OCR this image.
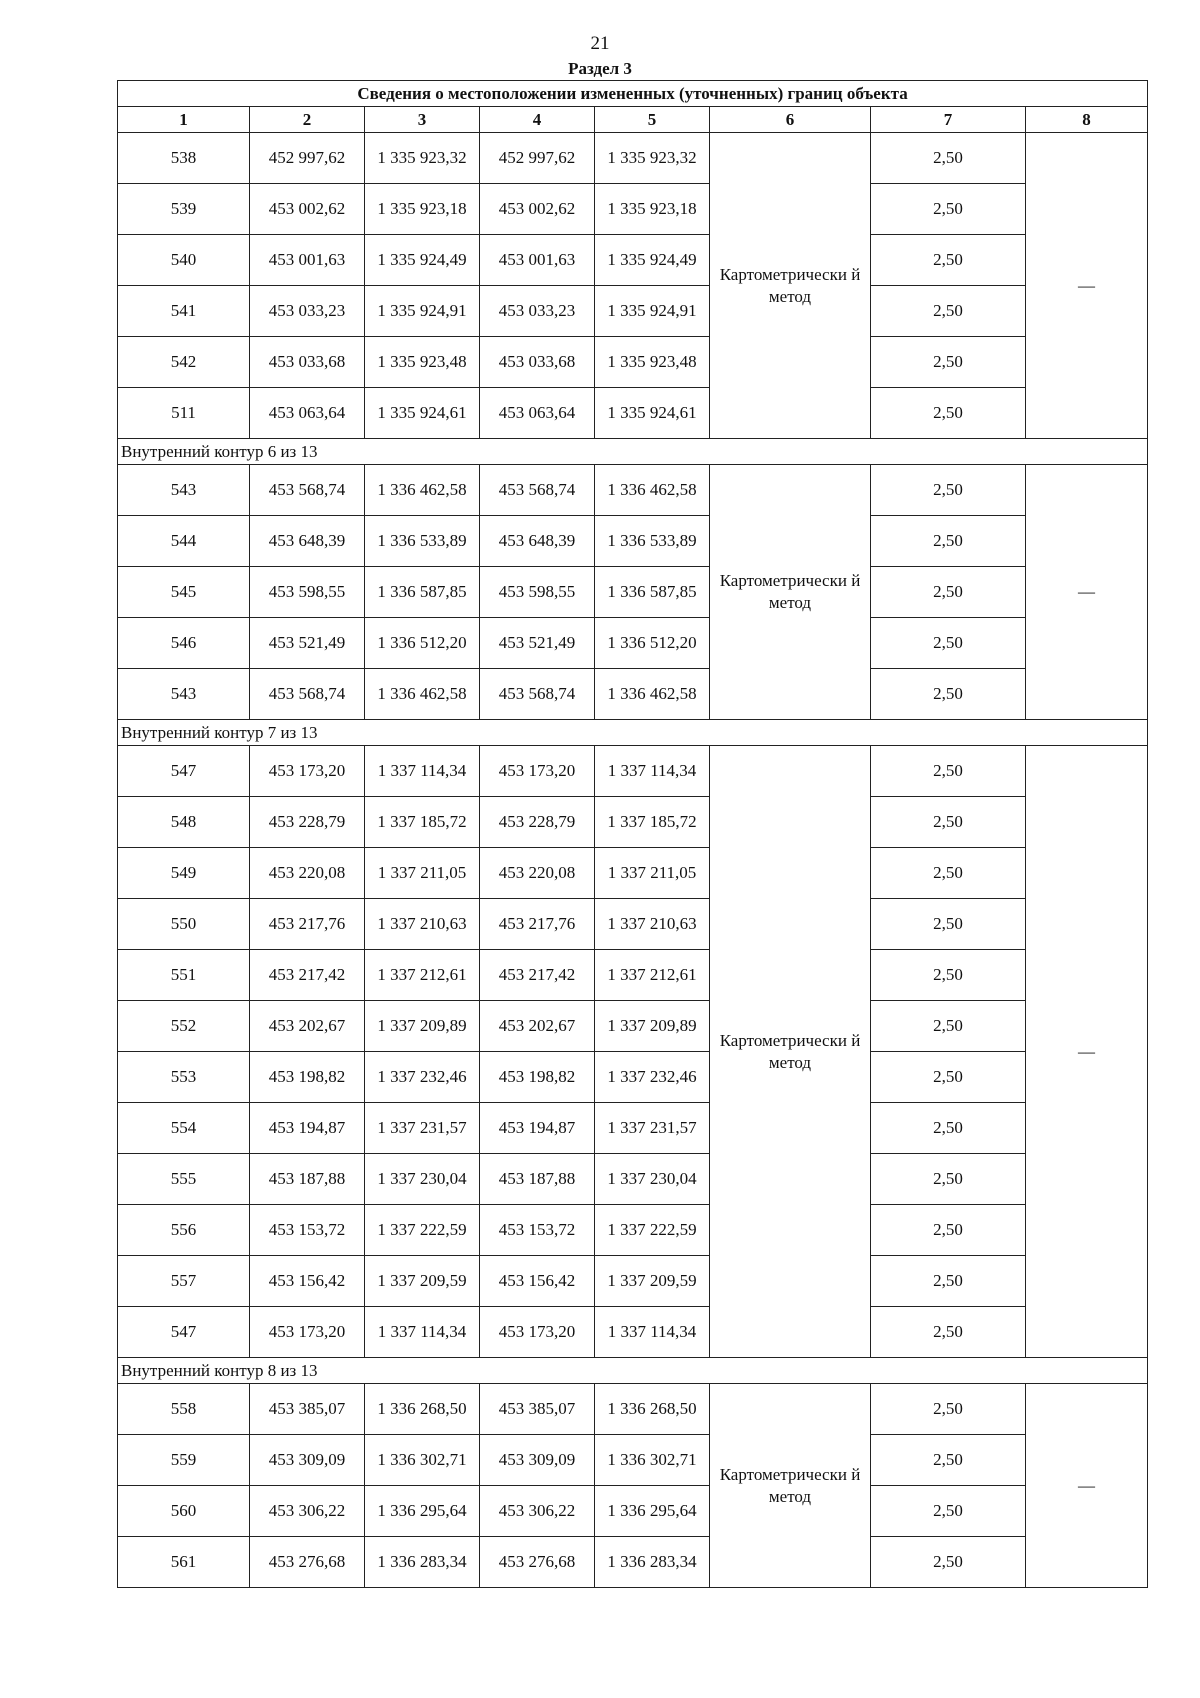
21
Раздел 3
Сведения о местоположении измененных (уточненных) границ объекта							
1	2	3	4	5	6	7	8
538	452 997,62	1 335 923,32	452 997,62	1 335 923,32	Картометрически й метод	2,50	—
539	453 002,62	1 335 923,18	453 002,62	1 335 923,18		2,50	
540	453 001,63	1 335 924,49	453 001,63	1 335 924,49		2,50	
541	453 033,23	1 335 924,91	453 033,23	1 335 924,91		2,50	
542	453 033,68	1 335 923,48	453 033,68	1 335 923,48		2,50	
511	453 063,64	1 335 924,61	453 063,64	1 335 924,61		2,50	
Внутренний контур 6 из 13							
543	453 568,74	1 336 462,58	453 568,74	1 336 462,58	Картометрически й метод	2,50	—
544	453 648,39	1 336 533,89	453 648,39	1 336 533,89		2,50	
545	453 598,55	1 336 587,85	453 598,55	1 336 587,85		2,50	
546	453 521,49	1 336 512,20	453 521,49	1 336 512,20		2,50	
543	453 568,74	1 336 462,58	453 568,74	1 336 462,58		2,50	
Внутренний контур 7 из 13							
547	453 173,20	1 337 114,34	453 173,20	1 337 114,34	Картометрически й метод	2,50	—
548	453 228,79	1 337 185,72	453 228,79	1 337 185,72		2,50	
549	453 220,08	1 337 211,05	453 220,08	1 337 211,05		2,50	
550	453 217,76	1 337 210,63	453 217,76	1 337 210,63		2,50	
551	453 217,42	1 337 212,61	453 217,42	1 337 212,61		2,50	
552	453 202,67	1 337 209,89	453 202,67	1 337 209,89		2,50	
553	453 198,82	1 337 232,46	453 198,82	1 337 232,46		2,50	
554	453 194,87	1 337 231,57	453 194,87	1 337 231,57		2,50	
555	453 187,88	1 337 230,04	453 187,88	1 337 230,04		2,50	
556	453 153,72	1 337 222,59	453 153,72	1 337 222,59		2,50	
557	453 156,42	1 337 209,59	453 156,42	1 337 209,59		2,50	
547	453 173,20	1 337 114,34	453 173,20	1 337 114,34		2,50	
Внутренний контур 8 из 13							
558	453 385,07	1 336 268,50	453 385,07	1 336 268,50	Картометрически й метод	2,50	—
559	453 309,09	1 336 302,71	453 309,09	1 336 302,71		2,50	
560	453 306,22	1 336 295,64	453 306,22	1 336 295,64		2,50	
561	453 276,68	1 336 283,34	453 276,68	1 336 283,34		2,50	
